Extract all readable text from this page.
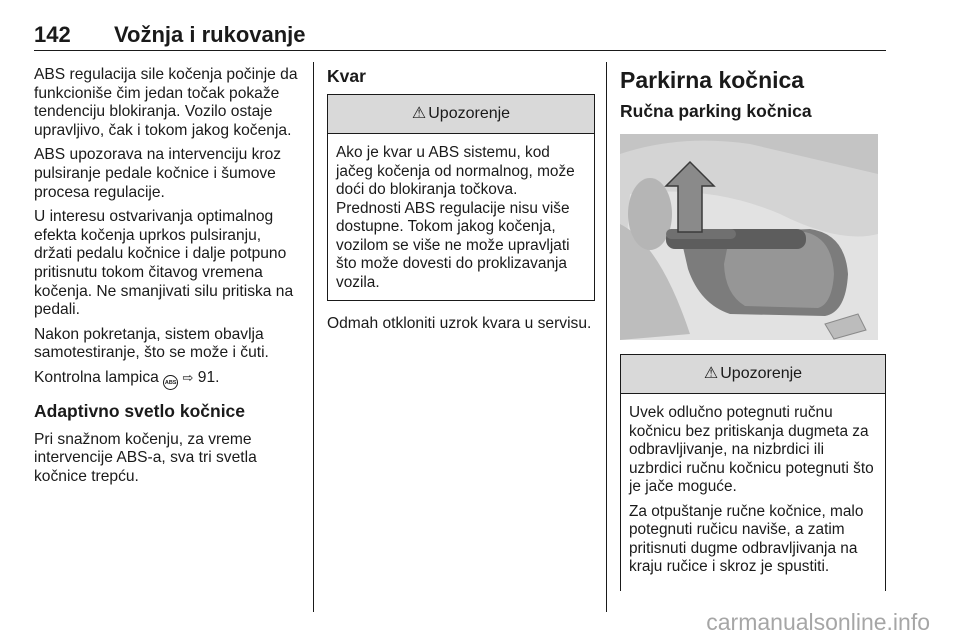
142 Vožnja i rukovanje

ABS regulacija sile kočenja počinje da funkcioniše čim jedan točak pokaže tendenciju blokiranja. Vozilo ostaje upravljivo, čak i tokom jakog kočenja.

ABS upozorava na intervenciju kroz pulsiranje pedale kočnice i šumove procesa regulacije.

U interesu ostvarivanja optimalnog efekta kočenja uprkos pulsiranju, držati pedalu kočnice i dalje potpuno pritisnutu tokom čitavog vremena kočenja. Ne smanjivati silu pritiska na pedali.

Nakon pokretanja, sistem obavlja samotestiranje, što se može i čuti.

Kontrolna lampica ABS ⇨ 91.

Adaptivno svetlo kočnice

Pri snažnom kočenju, za vreme intervencije ABS-a, sva tri svetla kočnice trepću.

Kvar
⚠ Upozorenje

Ako je kvar u ABS sistemu, kod jačeg kočenja od normalnog, može doći do blokiranja točkova. Prednosti ABS regulacije nisu više dostupne. Tokom jakog kočenja, vozilom se više ne može upravljati što može dovesti do proklizavanja vozila.

Odmah otkloniti uzrok kvara u servisu.

Parkirna kočnica
Ručna parking kočnica
⚠ Upozorenje

Uvek odlučno potegnuti ručnu kočnicu bez pritiskanja dugmeta za odbravljivanje, na nizbrdici ili uzbrdici ručnu kočnicu potegnuti što je jače moguće.

Za otpuštanje ručne kočnice, malo potegnuti ručicu naviše, a zatim pritisnuti dugme odbravljivanja na kraju ručice i skroz je spustiti.

carmanualsonline.info
